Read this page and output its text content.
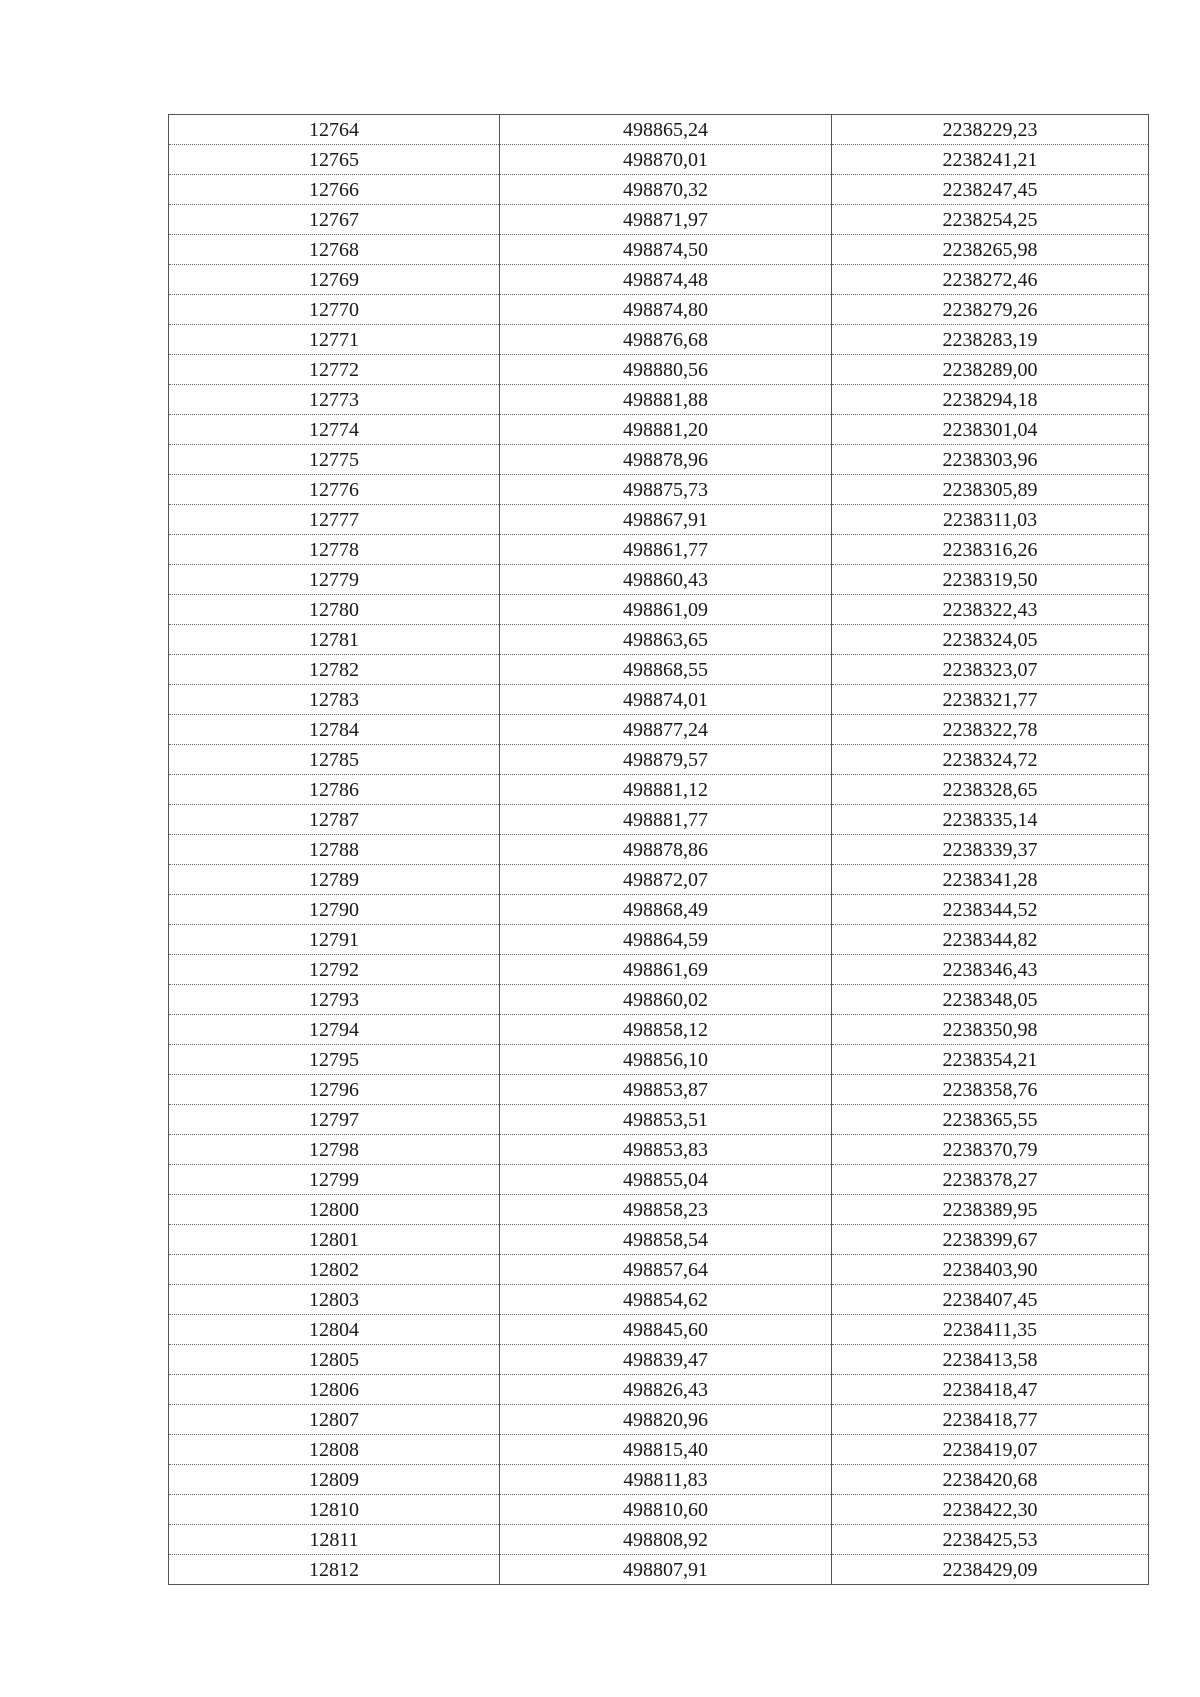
12764	498865,24	2238229,23
12765	498870,01	2238241,21
12766	498870,32	2238247,45
12767	498871,97	2238254,25
12768	498874,50	2238265,98
12769	498874,48	2238272,46
12770	498874,80	2238279,26
12771	498876,68	2238283,19
12772	498880,56	2238289,00
12773	498881,88	2238294,18
12774	498881,20	2238301,04
12775	498878,96	2238303,96
12776	498875,73	2238305,89
12777	498867,91	2238311,03
12778	498861,77	2238316,26
12779	498860,43	2238319,50
12780	498861,09	2238322,43
12781	498863,65	2238324,05
12782	498868,55	2238323,07
12783	498874,01	2238321,77
12784	498877,24	2238322,78
12785	498879,57	2238324,72
12786	498881,12	2238328,65
12787	498881,77	2238335,14
12788	498878,86	2238339,37
12789	498872,07	2238341,28
12790	498868,49	2238344,52
12791	498864,59	2238344,82
12792	498861,69	2238346,43
12793	498860,02	2238348,05
12794	498858,12	2238350,98
12795	498856,10	2238354,21
12796	498853,87	2238358,76
12797	498853,51	2238365,55
12798	498853,83	2238370,79
12799	498855,04	2238378,27
12800	498858,23	2238389,95
12801	498858,54	2238399,67
12802	498857,64	2238403,90
12803	498854,62	2238407,45
12804	498845,60	2238411,35
12805	498839,47	2238413,58
12806	498826,43	2238418,47
12807	498820,96	2238418,77
12808	498815,40	2238419,07
12809	498811,83	2238420,68
12810	498810,60	2238422,30
12811	498808,92	2238425,53
12812	498807,91	2238429,09
